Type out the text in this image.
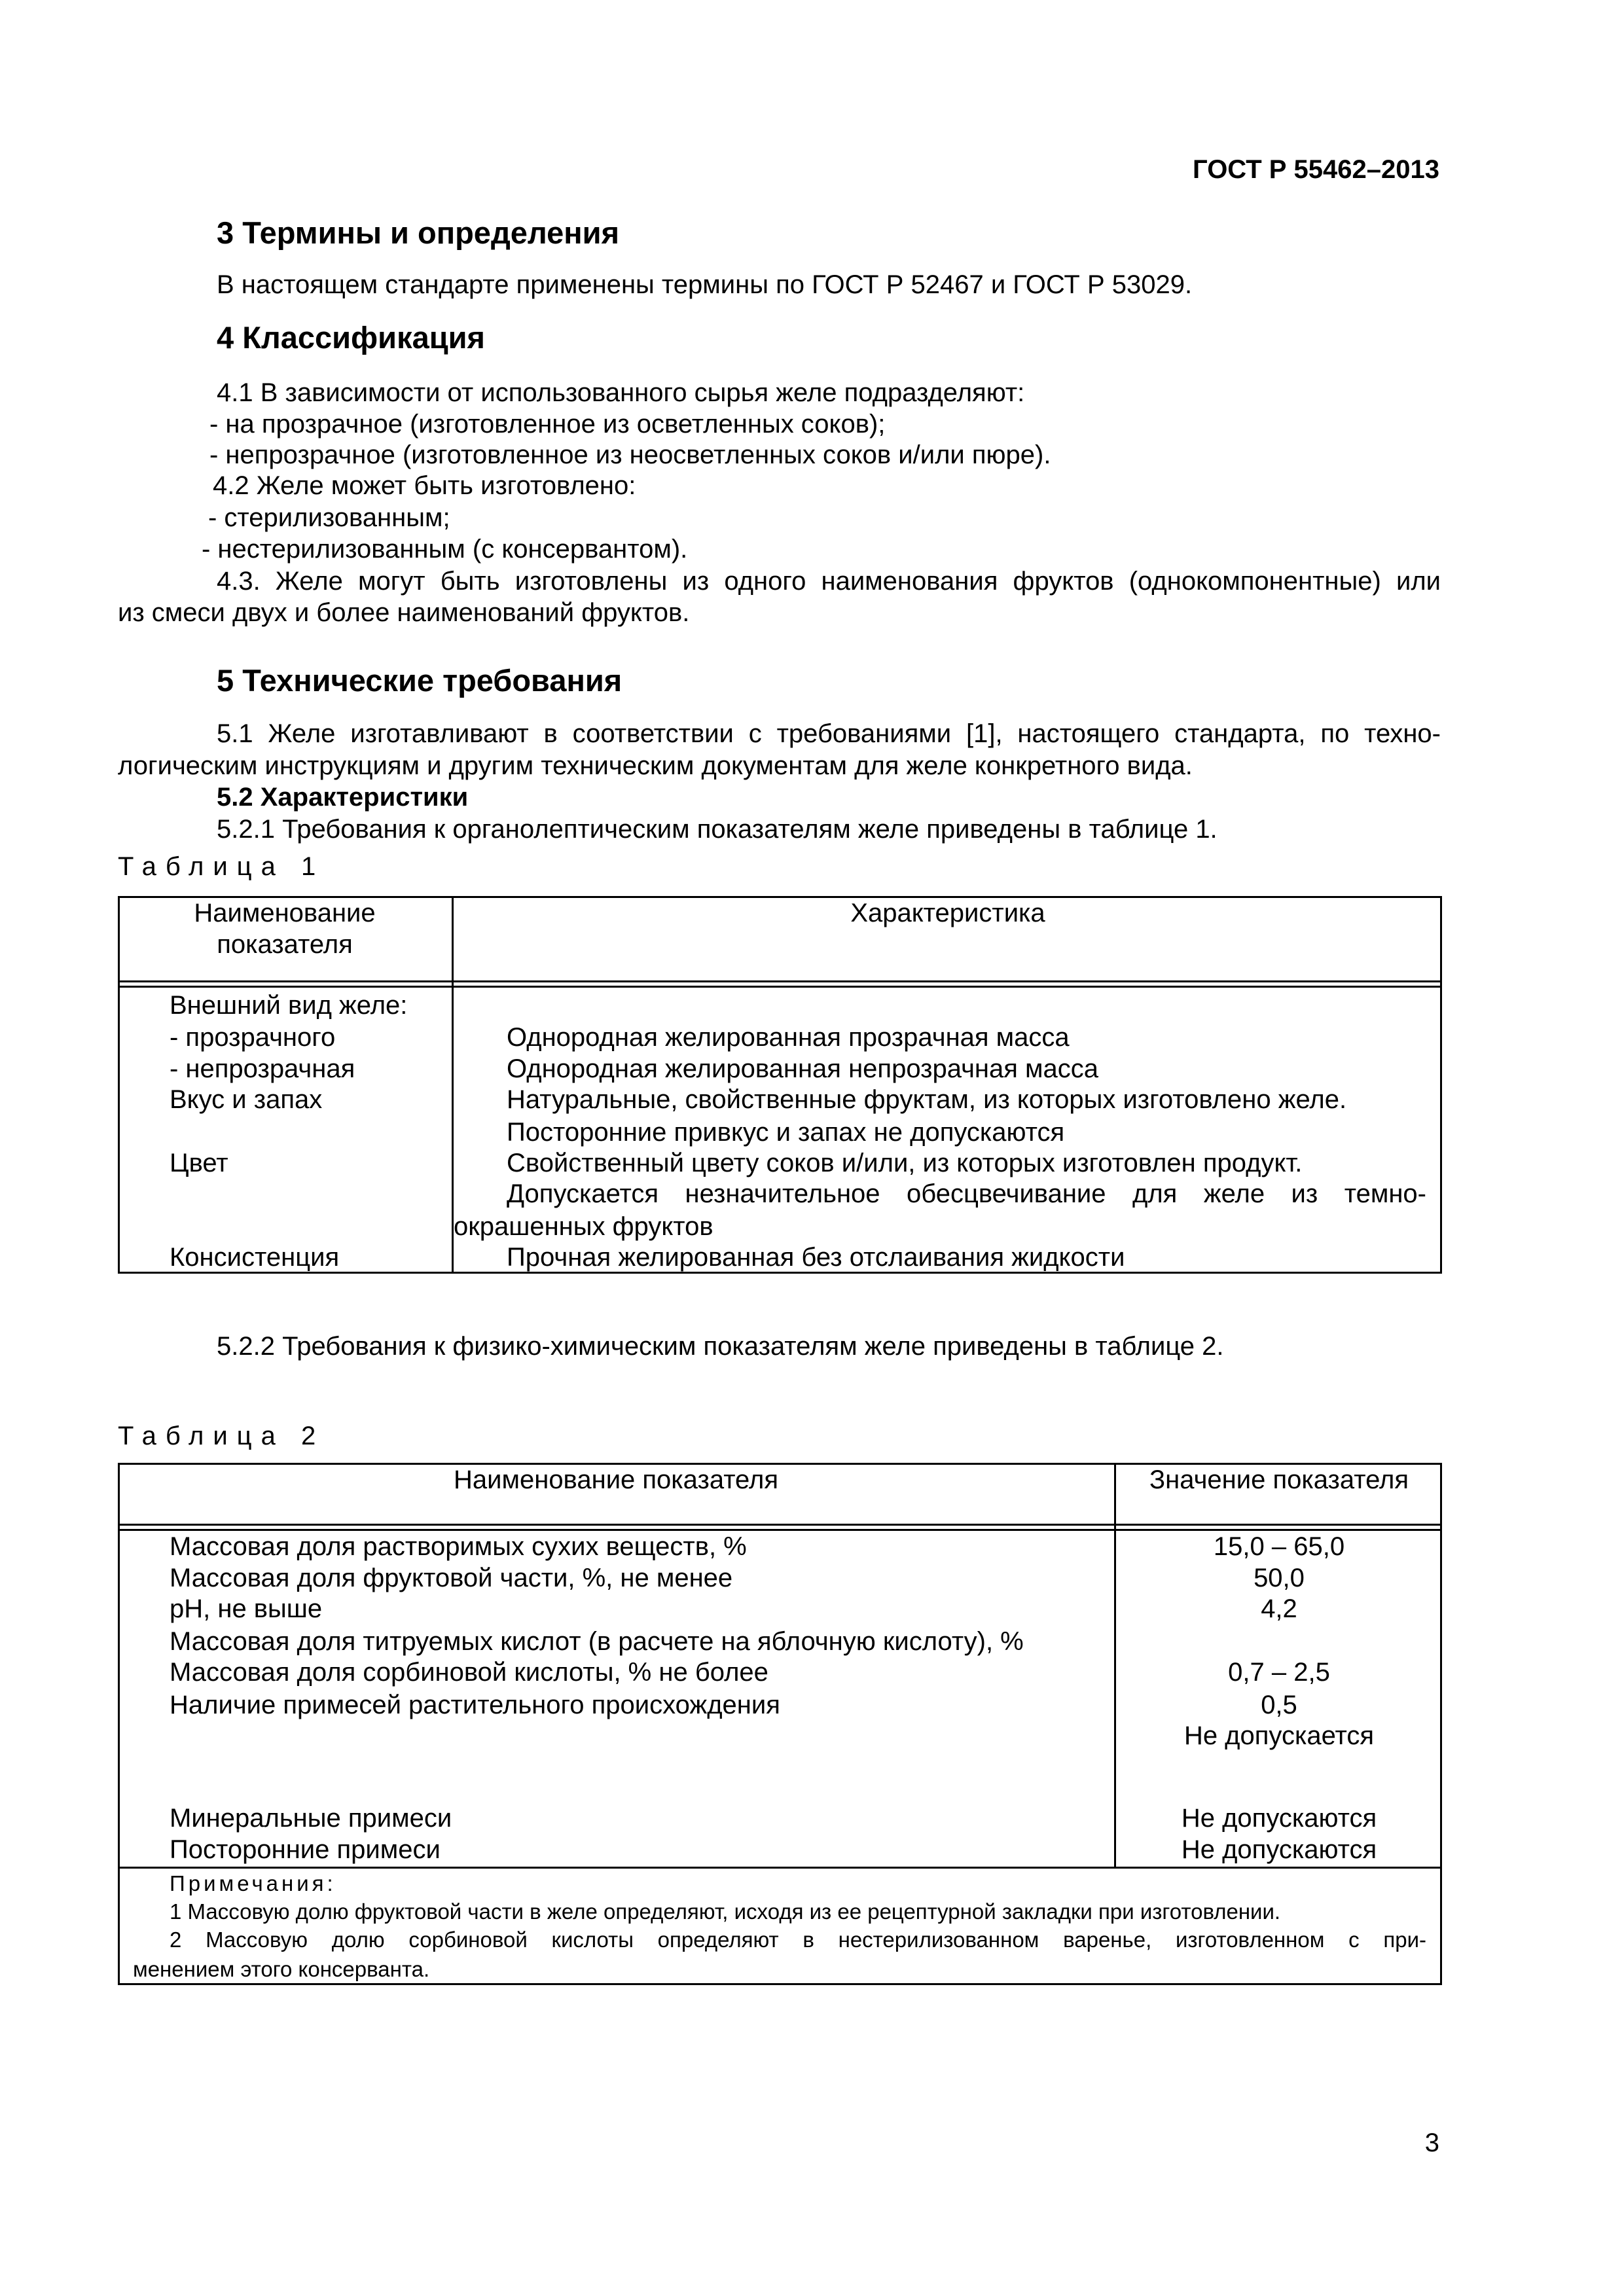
ГОСТ Р 55462–2013
3 Термины и определения
В настоящем стандарте применены термины по ГОСТ Р 52467 и ГОСТ Р 53029.
4 Классификация
4.1 В зависимости от использованного сырья желе подразделяют:
- на прозрачное (изготовленное из осветленных соков);
- непрозрачное (изготовленное из неосветленных соков и/или пюре).
4.2 Желе может быть изготовлено:
- стерилизованным;
- нестерилизованным (с консервантом).
4.3. Желе могут быть изготовлены из одного наименования фруктов (однокомпонентные) или
из смеси двух и более наименований фруктов.
5 Технические требования
5.1 Желе изготавливают в соответствии с требованиями [1], настоящего стандарта, по техно-
логическим инструкциям и другим техническим документам для желе конкретного вида.
5.2 Характеристики
5.2.1 Требования к органолептическим показателям желе приведены в таблице 1.
Таблица 1
Наименование
показателя
Характеристика
Внешний вид желе:
- прозрачного
- непрозрачная
Вкус и запах
Цвет
Консистенция
Однородная желированная прозрачная масса
Однородная желированная непрозрачная масса
Натуральные, свойственные фруктам, из которых изготовлено желе.
Посторонние привкус и запах не допускаются
Свойственный цвету соков и/или, из которых изготовлен продукт.
Допускается незначительное обесцвечивание для желе из темно-
окрашенных фруктов
Прочная желированная без отслаивания жидкости
5.2.2 Требования к физико-химическим показателям желе приведены в таблице 2.
Таблица 2
Наименование показателя	Значение показателя
Массовая доля растворимых сухих веществ, %
Массовая доля фруктовой части, %, не менее
pH, не выше
Массовая доля титруемых кислот (в расчете на яблочную кислоту), %
Массовая доля сорбиновой кислоты, % не более
Наличие примесей растительного происхождения
Минеральные примеси
Посторонние примеси
15,0 – 65,0
50,0
4,2
0,7 – 2,5
0,5
Не допускается
Не допускаются
Не допускаются
Примечания:
1 Массовую долю фруктовой части в желе определяют, исходя из ее рецептурной закладки при изготовлении.
2 Массовую долю сорбиновой кислоты определяют в нестерилизованном варенье, изготовленном с при-
менением этого консерванта.
3
